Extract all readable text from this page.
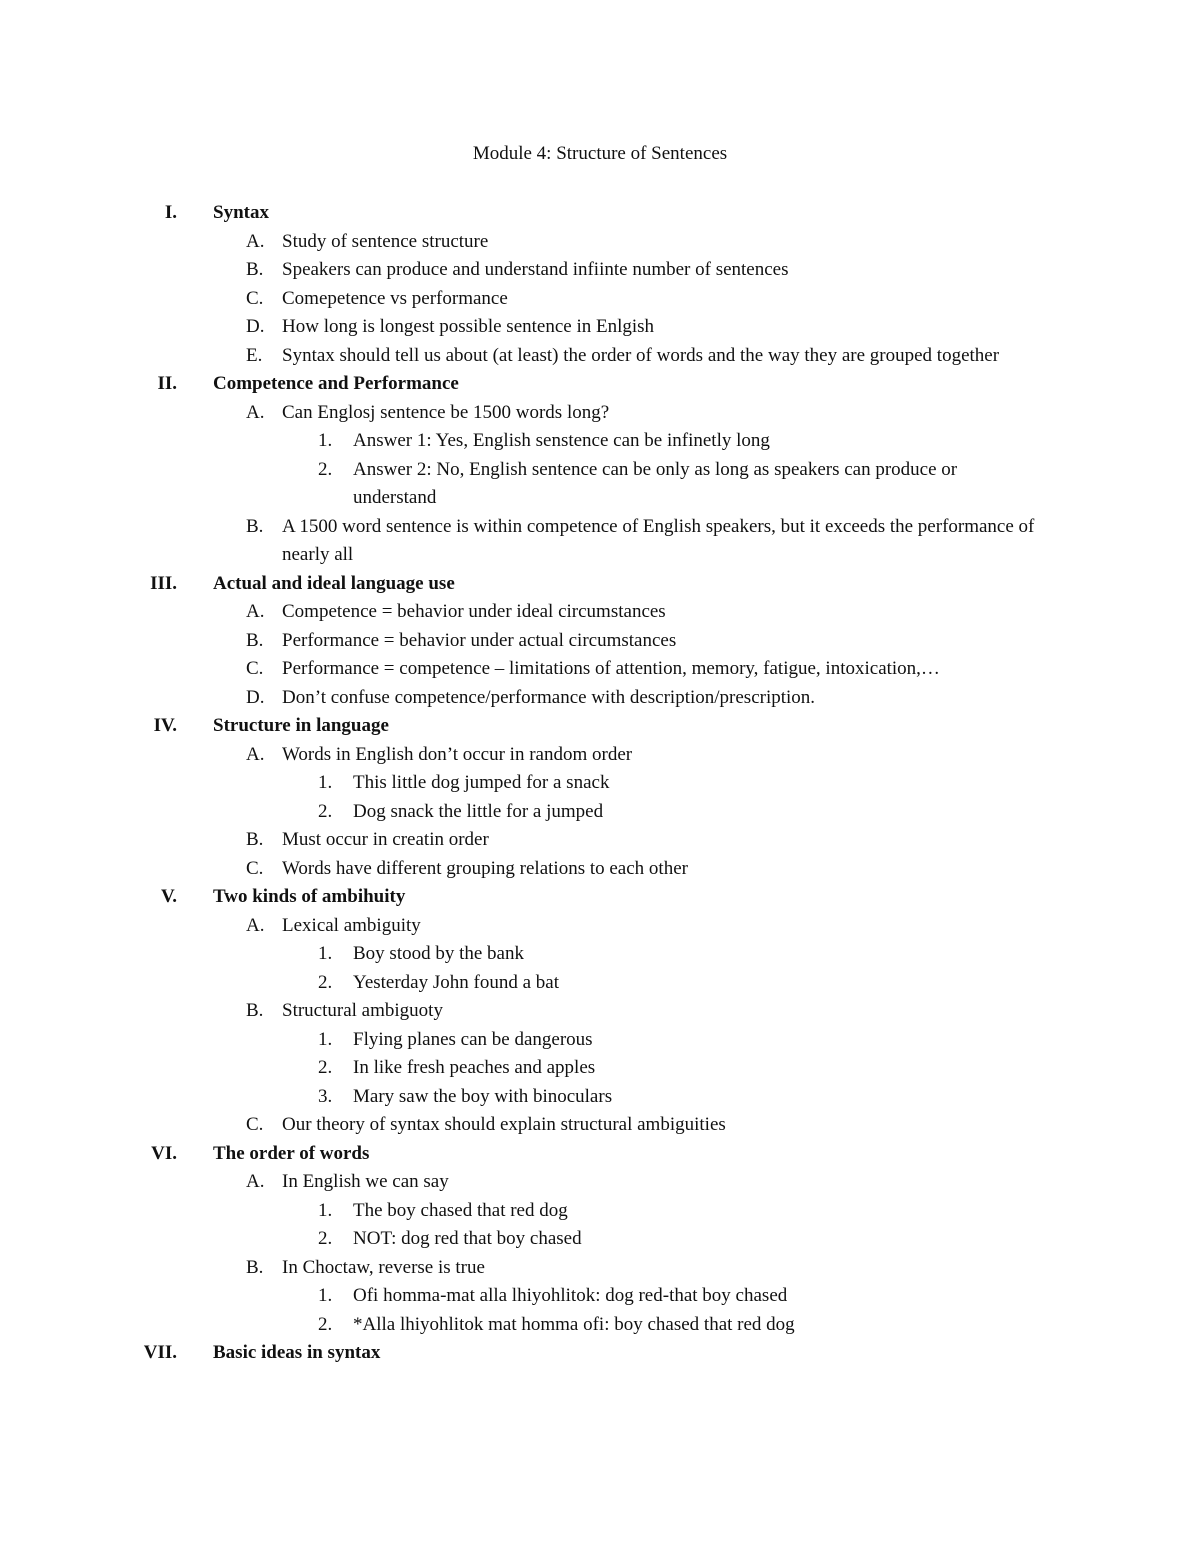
Module 4: Structure of Sentences
I. Syntax
A. Study of sentence structure
B. Speakers can produce and understand infiinte number of sentences
C. Comepetence vs performance
D. How long is longest possible sentence in Enlgish
E.	Syntax should tell us about (at least) the order of words and the way they are grouped together
II. Competence and Performance
A. Can Englosj sentence be 1500 words long?
1.	Answer 1: Yes, English senstence can be infinetly long
2.	Answer 2: No, English sentence can be only as long as speakers can produce or understand
B. A 1500 word sentence is within competence of English speakers, but it exceeds the performance of nearly all
III. Actual and ideal language use
A. Competence = behavior under ideal circumstances
B. Performance = behavior under actual circumstances
C. Performance = competence – limitations of attention, memory, fatigue, intoxication,…
D. Don’t confuse competence/performance with description/prescription.
IV. Structure in language
A. Words in English don’t occur in random order
1.	This little dog jumped for a snack
2.	Dog snack the little for a jumped
B. Must occur in creatin order
C. Words have different grouping relations to each other
V. Two kinds of ambihuity
A. Lexical ambiguity
1.	Boy stood by the bank
2.	Yesterday John found a bat
B. Structural ambiguoty
1.	Flying planes can be dangerous
2.	In like fresh peaches and apples
3.	Mary saw the boy with binoculars
C. Our theory of syntax should explain structural ambiguities
VI. The order of words
A. In English we can say
1.	The boy chased that red dog
2.	NOT: dog red that boy chased
B. In Choctaw, reverse is true
1.	Ofi homma-mat alla lhiyohlitok: dog red-that boy chased
2.	*Alla lhiyohlitok mat homma ofi: boy chased that red dog
VII. Basic ideas in syntax
